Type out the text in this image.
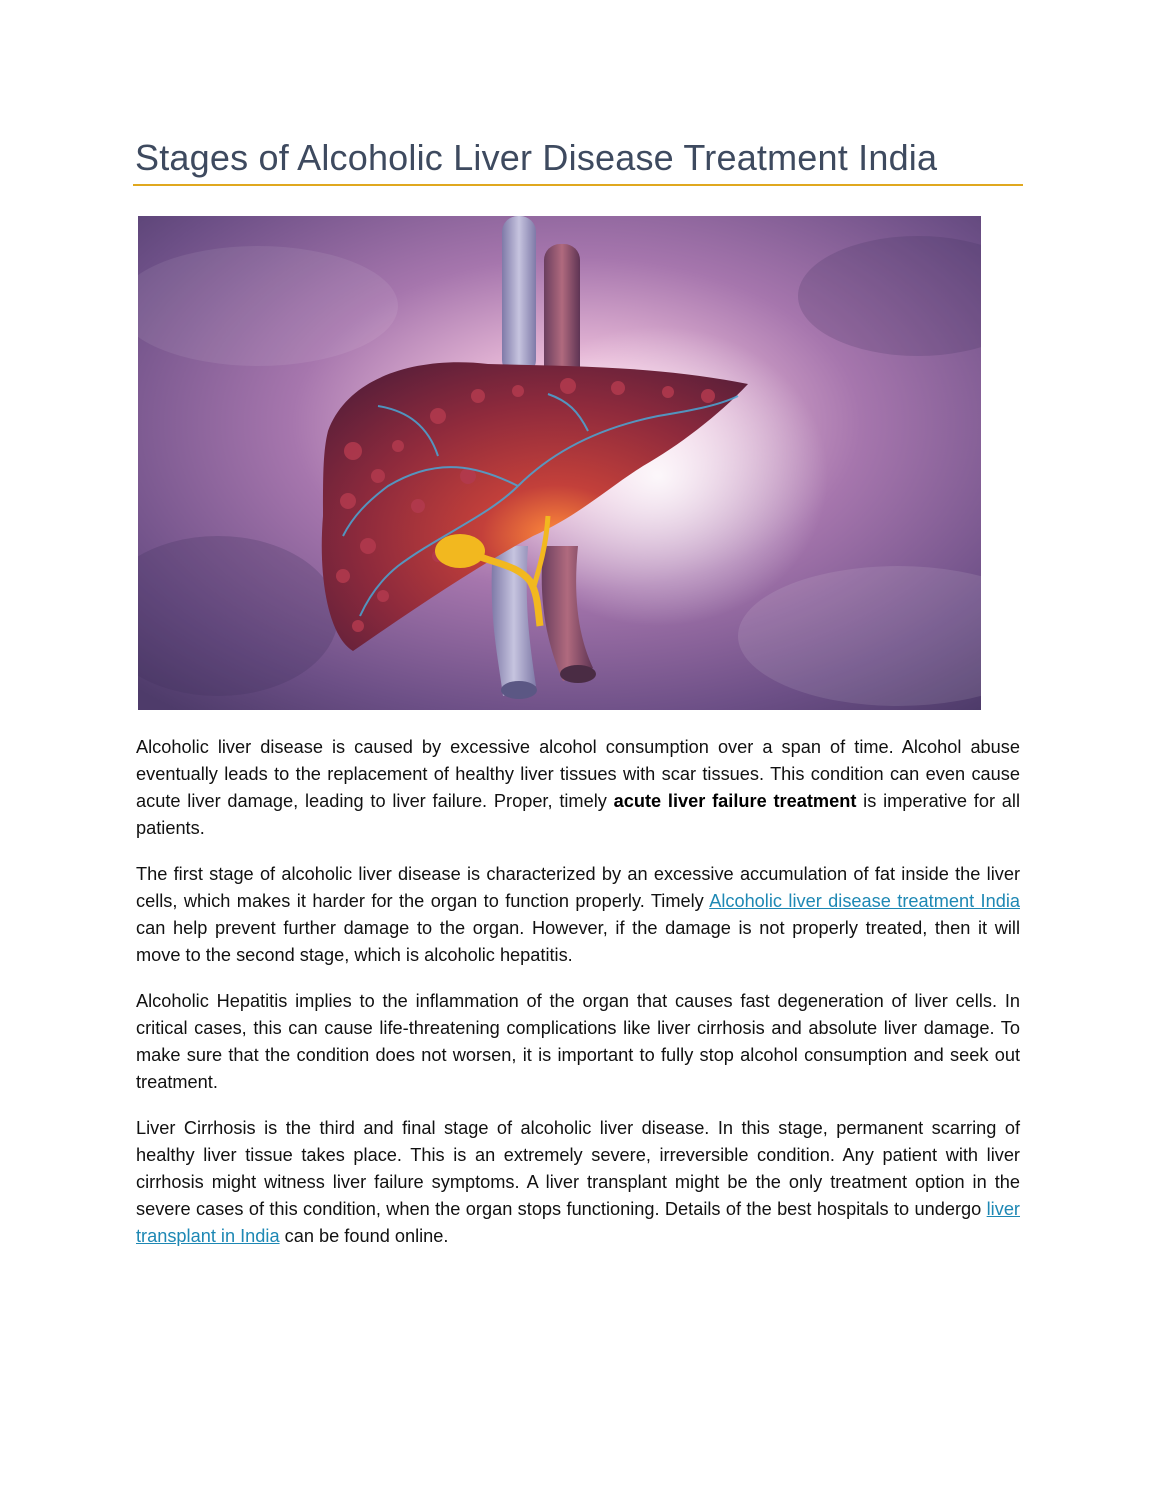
Stages of Alcoholic Liver Disease Treatment India

Alcoholic liver disease is caused by excessive alcohol consumption over a span of time. Alcohol abuse eventually leads to the replacement of healthy liver tissues with scar tissues. This condition can even cause acute liver damage, leading to liver failure. Proper, timely acute liver failure treatment is imperative for all patients.

The first stage of alcoholic liver disease is characterized by an excessive accumulation of fat inside the liver cells, which makes it harder for the organ to function properly. Timely Alcoholic liver disease treatment India can help prevent further damage to the organ. However, if the damage is not properly treated, then it will move to the second stage, which is alcoholic hepatitis.

Alcoholic Hepatitis implies to the inflammation of the organ that causes fast degeneration of liver cells. In critical cases, this can cause life-threatening complications like liver cirrhosis and absolute liver damage. To make sure that the condition does not worsen, it is important to fully stop alcohol consumption and seek out treatment.

Liver Cirrhosis is the third and final stage of alcoholic liver disease. In this stage, permanent scarring of healthy liver tissue takes place. This is an extremely severe, irreversible condition. Any patient with liver cirrhosis might witness liver failure symptoms. A liver transplant might be the only treatment option in the severe cases of this condition, when the organ stops functioning. Details of the best hospitals to undergo liver transplant in India can be found online.
